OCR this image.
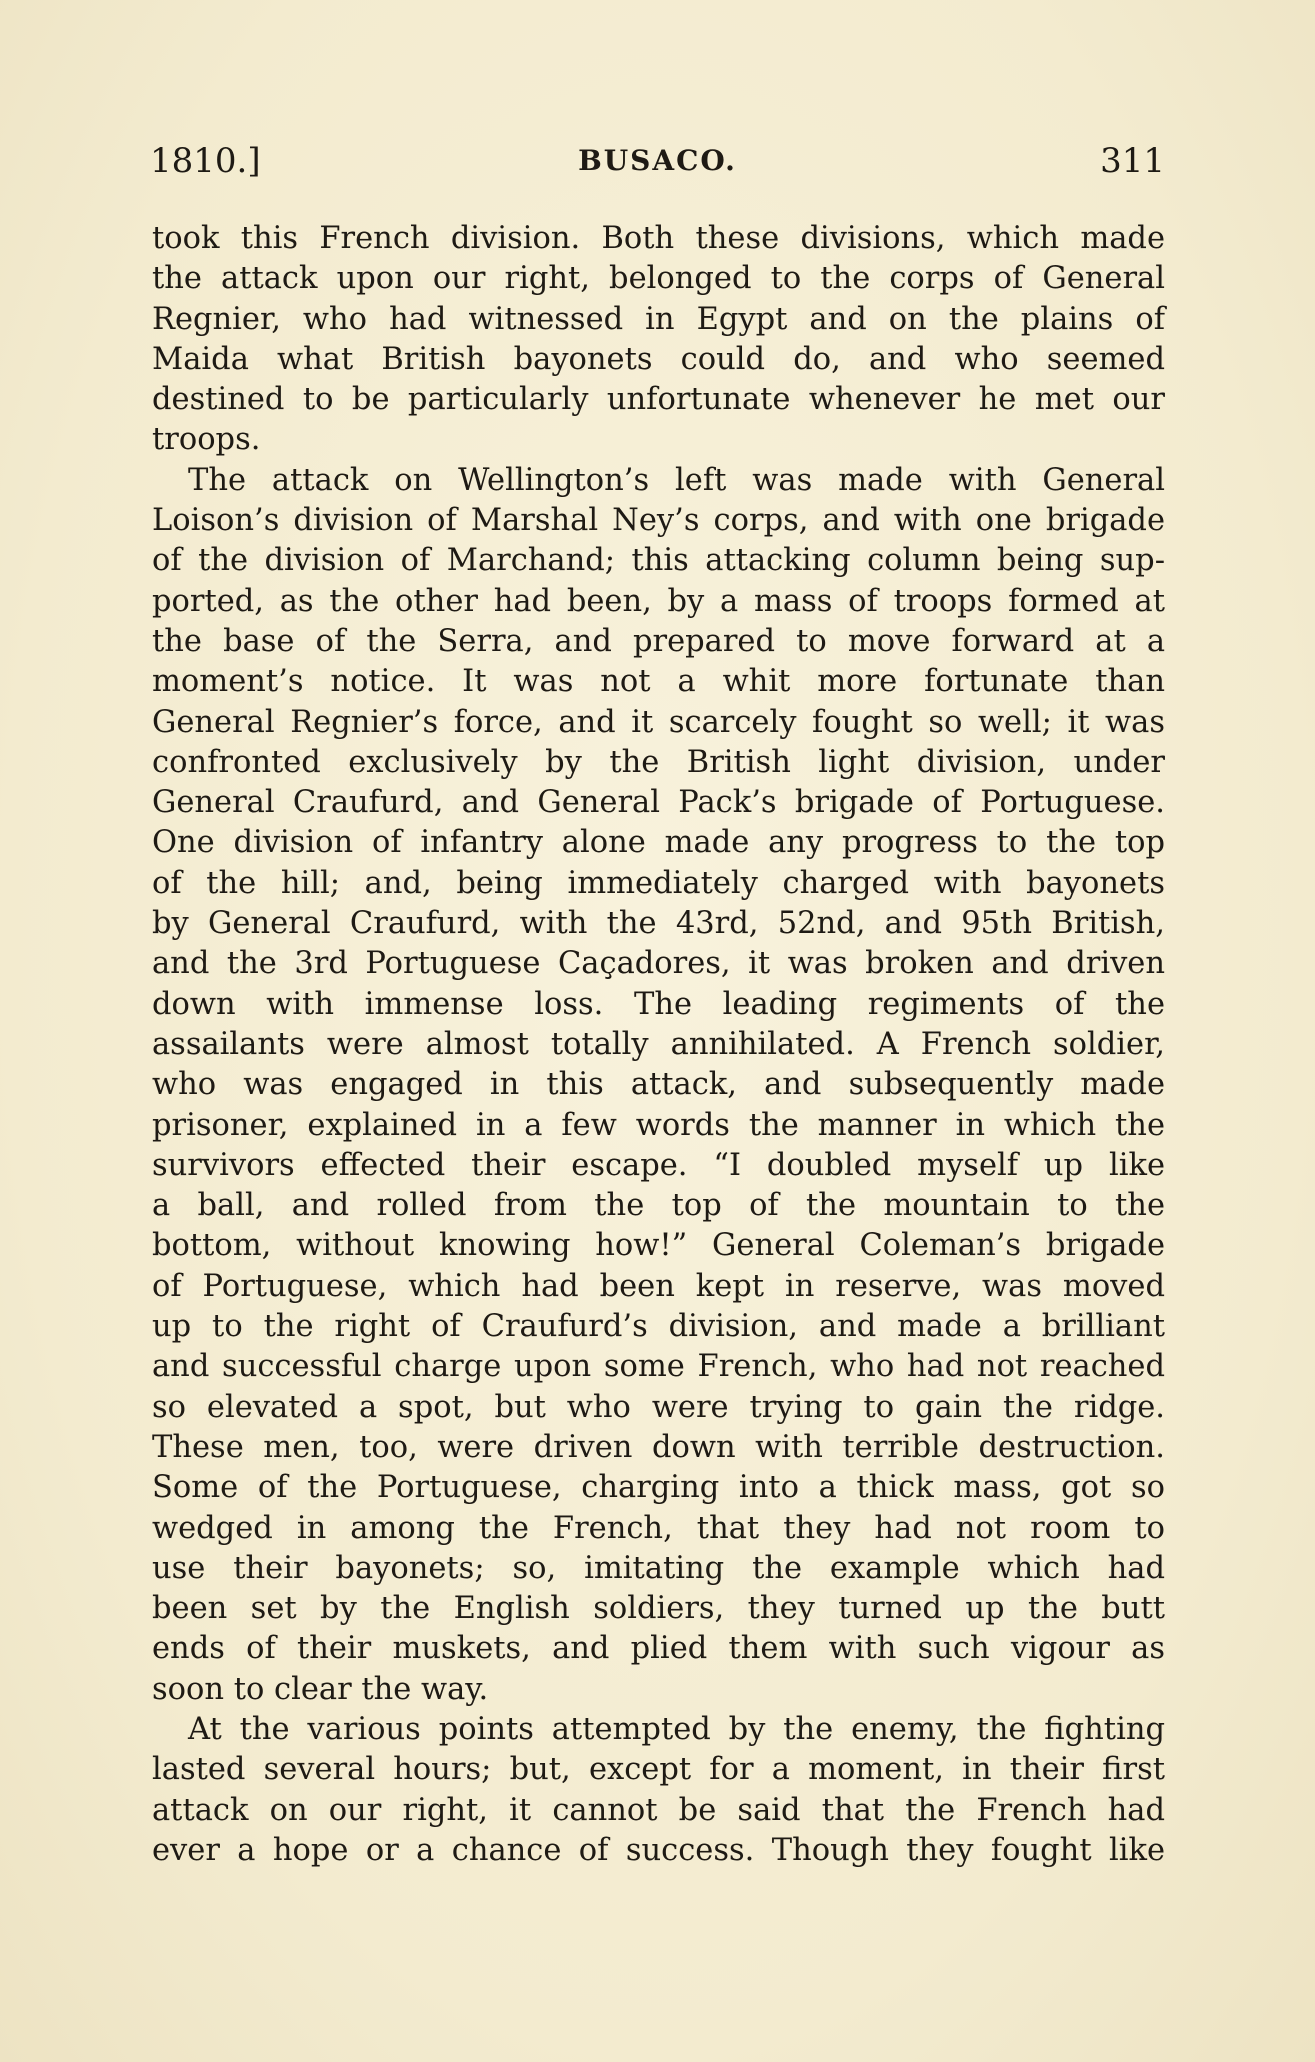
1810.]	BUSACO.	311
took this French division. Both these divisions, which made
the attack upon our right, belonged to the corps of General
Regnier, who had witnessed in Egypt and on the plains of
Maida what British bayonets could do, and who seemed
destined to be particularly unfortunate whenever he met our
troops.
The attack on Wellington’s left was made with General
Loison’s division of Marshal Ney’s corps, and with one brigade
of the division of Marchand; this attacking column being sup-
ported, as the other had been, by a mass of troops formed at
the base of the Serra, and prepared to move forward at a
moment’s notice. It was not a whit more fortunate than
General Regnier’s force, and it scarcely fought so well; it was
confronted exclusively by the British light division, under
General Craufurd, and General Pack’s brigade of Portuguese.
One division of infantry alone made any progress to the top
of the hill; and, being immediately charged with bayonets
by General Craufurd, with the 43rd, 52nd, and 95th British,
and the 3rd Portuguese Caçadores, it was broken and driven
down with immense loss. The leading regiments of the
assailants were almost totally annihilated. A French soldier,
who was engaged in this attack, and subsequently made
prisoner, explained in a few words the manner in which the
survivors effected their escape. “I doubled myself up like
a ball, and rolled from the top of the mountain to the
bottom, without knowing how!” General Coleman’s brigade
of Portuguese, which had been kept in reserve, was moved
up to the right of Craufurd’s division, and made a brilliant
and successful charge upon some French, who had not reached
so elevated a spot, but who were trying to gain the ridge.
These men, too, were driven down with terrible destruction.
Some of the Portuguese, charging into a thick mass, got so
wedged in among the French, that they had not room to
use their bayonets; so, imitating the example which had
been set by the English soldiers, they turned up the butt
ends of their muskets, and plied them with such vigour as
soon to clear the way.
At the various points attempted by the enemy, the fighting
lasted several hours; but, except for a moment, in their first
attack on our right, it cannot be said that the French had
ever a hope or a chance of success. Though they fought like
